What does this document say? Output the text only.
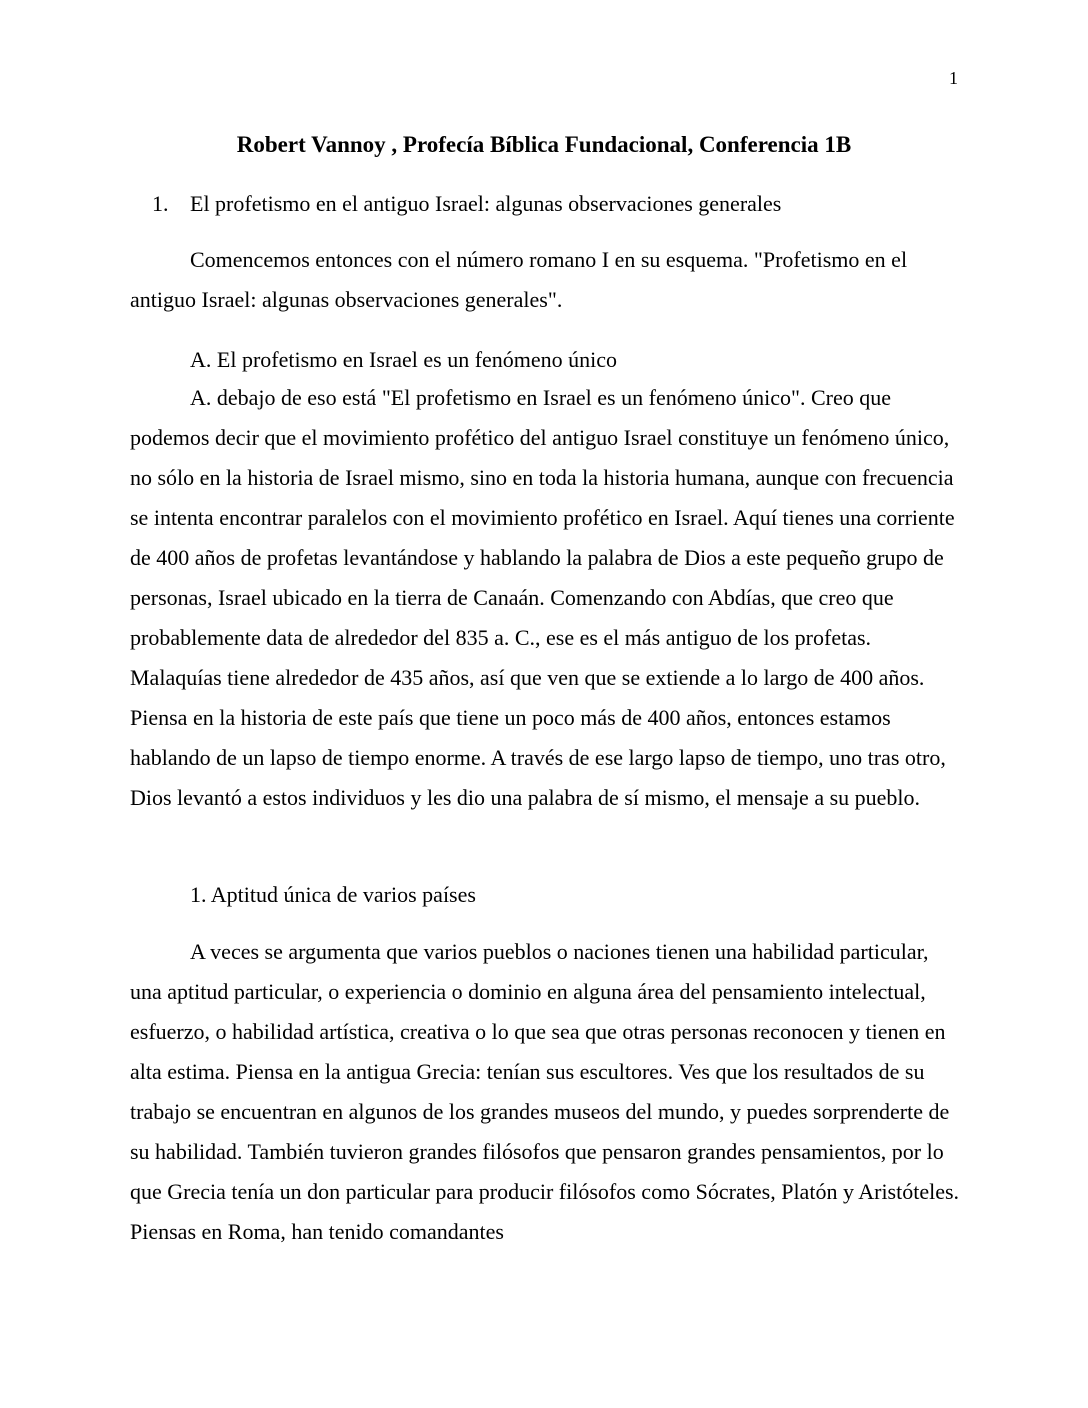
1
Robert Vannoy , Profecía Bíblica Fundacional, Conferencia 1B
1. El profetismo en el antiguo Israel: algunas observaciones generales

Comencemos entonces con el número romano I en su esquema. "Profetismo en el antiguo Israel: algunas observaciones generales".

A. El profetismo en Israel es un fenómeno único

A. debajo de eso está "El profetismo en Israel es un fenómeno único". Creo que podemos decir que el movimiento profético del antiguo Israel constituye un fenómeno único, no sólo en la historia de Israel mismo, sino en toda la historia humana, aunque con frecuencia se intenta encontrar paralelos con el movimiento profético en Israel. Aquí tienes una corriente de 400 años de profetas levantándose y hablando la palabra de Dios a este pequeño grupo de personas, Israel ubicado en la tierra de Canaán. Comenzando con Abdías, que creo que probablemente data de alrededor del 835 a. C., ese es el más antiguo de los profetas. Malaquías tiene alrededor de 435 años, así que ven que se extiende a lo largo de 400 años. Piensa en la historia de este país que tiene un poco más de 400 años, entonces estamos hablando de un lapso de tiempo enorme. A través de ese largo lapso de tiempo, uno tras otro, Dios levantó a estos individuos y les dio una palabra de sí mismo, el mensaje a su pueblo.

1. Aptitud única de varios países

A veces se argumenta que varios pueblos o naciones tienen una habilidad particular, una aptitud particular, o experiencia o dominio en alguna área del pensamiento intelectual, esfuerzo, o habilidad artística, creativa o lo que sea que otras personas reconocen y tienen en alta estima. Piensa en la antigua Grecia: tenían sus escultores. Ves que los resultados de su trabajo se encuentran en algunos de los grandes museos del mundo, y puedes sorprenderte de su habilidad. También tuvieron grandes filósofos que pensaron grandes pensamientos, por lo que Grecia tenía un don particular para producir filósofos como Sócrates, Platón y Aristóteles. Piensas en Roma, han tenido comandantes
